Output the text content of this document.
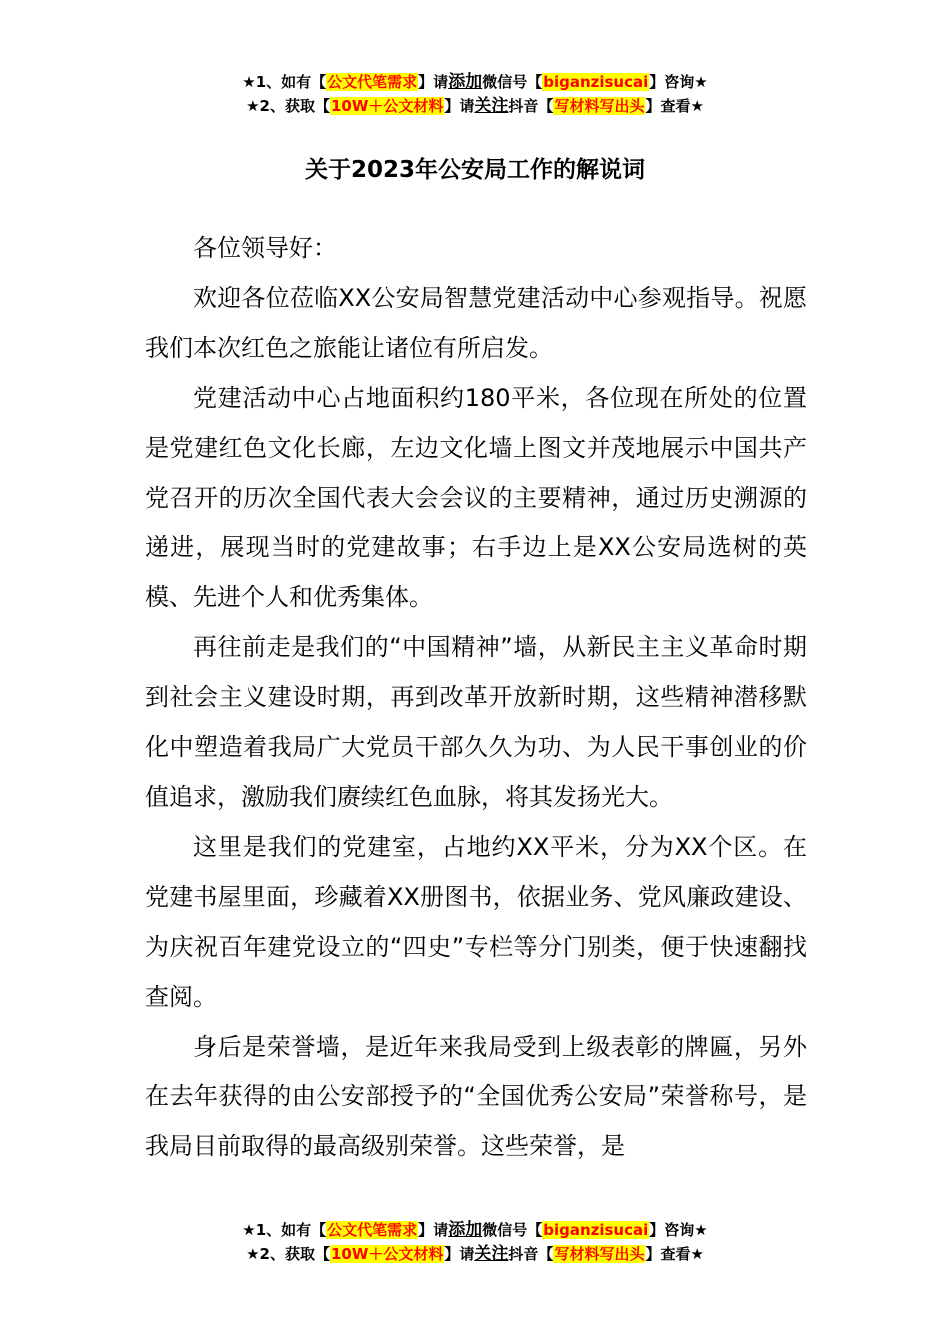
★1、如有【公文代笔需求】请添加微信号【biganzisucai】咨询★
★2、获取【10W＋公文材料】请关注抖音【写材料写出头】查看★
关于2023年公安局工作的解说词

各位领导好：

欢迎各位莅临XX公安局智慧党建活动中心参观指导。祝愿我们本次红色之旅能让诸位有所启发。

党建活动中心占地面积约180平米，各位现在所处的位置是党建红色文化长廊，左边文化墙上图文并茂地展示中国共产党召开的历次全国代表大会会议的主要精神，通过历史溯源的递进，展现当时的党建故事；右手边上是XX公安局选树的英模、先进个人和优秀集体。

再往前走是我们的“中国精神”墙，从新民主主义革命时期到社会主义建设时期，再到改革开放新时期，这些精神潜移默化中塑造着我局广大党员干部久久为功、为人民干事创业的价值追求，激励我们赓续红色血脉，将其发扬光大。

这里是我们的党建室，占地约XX平米，分为XX个区。在党建书屋里面，珍藏着XX册图书，依据业务、党风廉政建设、为庆祝百年建党设立的“四史”专栏等分门别类，便于快速翻找查阅。

身后是荣誉墙，是近年来我局受到上级表彰的牌匾，另外在去年获得的由公安部授予的“全国优秀公安局”荣誉称号，是我局目前取得的最高级别荣誉。这些荣誉，是

★1、如有【公文代笔需求】请添加微信号【biganzisucai】咨询★
★2、获取【10W＋公文材料】请关注抖音【写材料写出头】查看★
